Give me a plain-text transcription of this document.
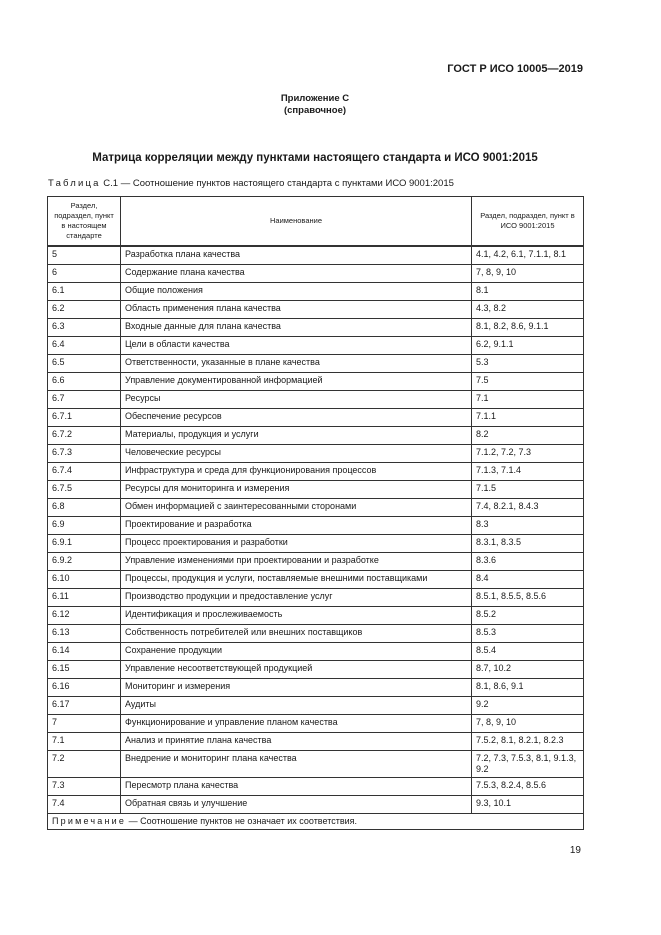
ГОСТ Р ИСО 10005—2019
Приложение С
(справочное)
Матрица корреляции между пунктами настоящего стандарта и ИСО 9001:2015
Таблица С.1 — Соотношение пунктов настоящего стандарта с пунктами ИСО 9001:2015
Раздел, подраздел, пункт в настоящем стандарте	Наименование	Раздел, подраздел, пункт в ИСО 9001:2015
5	Разработка плана качества	4.1, 4.2, 6.1, 7.1.1, 8.1
6	Содержание плана качества	7, 8, 9, 10
6.1	Общие положения	8.1
6.2	Область применения плана качества	4.3, 8.2
6.3	Входные данные для плана качества	8.1, 8.2, 8.6, 9.1.1
6.4	Цели в области качества	6.2, 9.1.1
6.5	Ответственности, указанные в плане качества	5.3
6.6	Управление документированной информацией	7.5
6.7	Ресурсы	7.1
6.7.1	Обеспечение ресурсов	7.1.1
6.7.2	Материалы, продукция и услуги	8.2
6.7.3	Человеческие ресурсы	7.1.2, 7.2, 7.3
6.7.4	Инфраструктура и среда для функционирования процессов	7.1.3, 7.1.4
6.7.5	Ресурсы для мониторинга и измерения	7.1.5
6.8	Обмен информацией с заинтересованными сторонами	7.4, 8.2.1, 8.4.3
6.9	Проектирование и разработка	8.3
6.9.1	Процесс проектирования и разработки	8.3.1, 8.3.5
6.9.2	Управление изменениями при проектировании и разработке	8.3.6
6.10	Процессы, продукция и услуги, поставляемые внешними поставщиками	8.4
6.11	Производство продукции и предоставление услуг	8.5.1, 8.5.5, 8.5.6
6.12	Идентификация и прослеживаемость	8.5.2
6.13	Собственность потребителей или внешних поставщиков	8.5.3
6.14	Сохранение продукции	8.5.4
6.15	Управление несоответствующей продукцией	8.7, 10.2
6.16	Мониторинг и измерения	8.1, 8.6, 9.1
6.17	Аудиты	9.2
7	Функционирование и управление планом качества	7, 8, 9, 10
7.1	Анализ и принятие плана качества	7.5.2, 8.1, 8.2.1, 8.2.3
7.2	Внедрение и мониторинг плана качества	7.2, 7.3, 7.5.3, 8.1, 9.1.3, 9.2
7.3	Пересмотр плана качества	7.5.3, 8.2.4, 8.5.6
7.4	Обратная связь и улучшение	9.3, 10.1
Примечание — Соотношение пунктов не означает их соответствия.		
19
